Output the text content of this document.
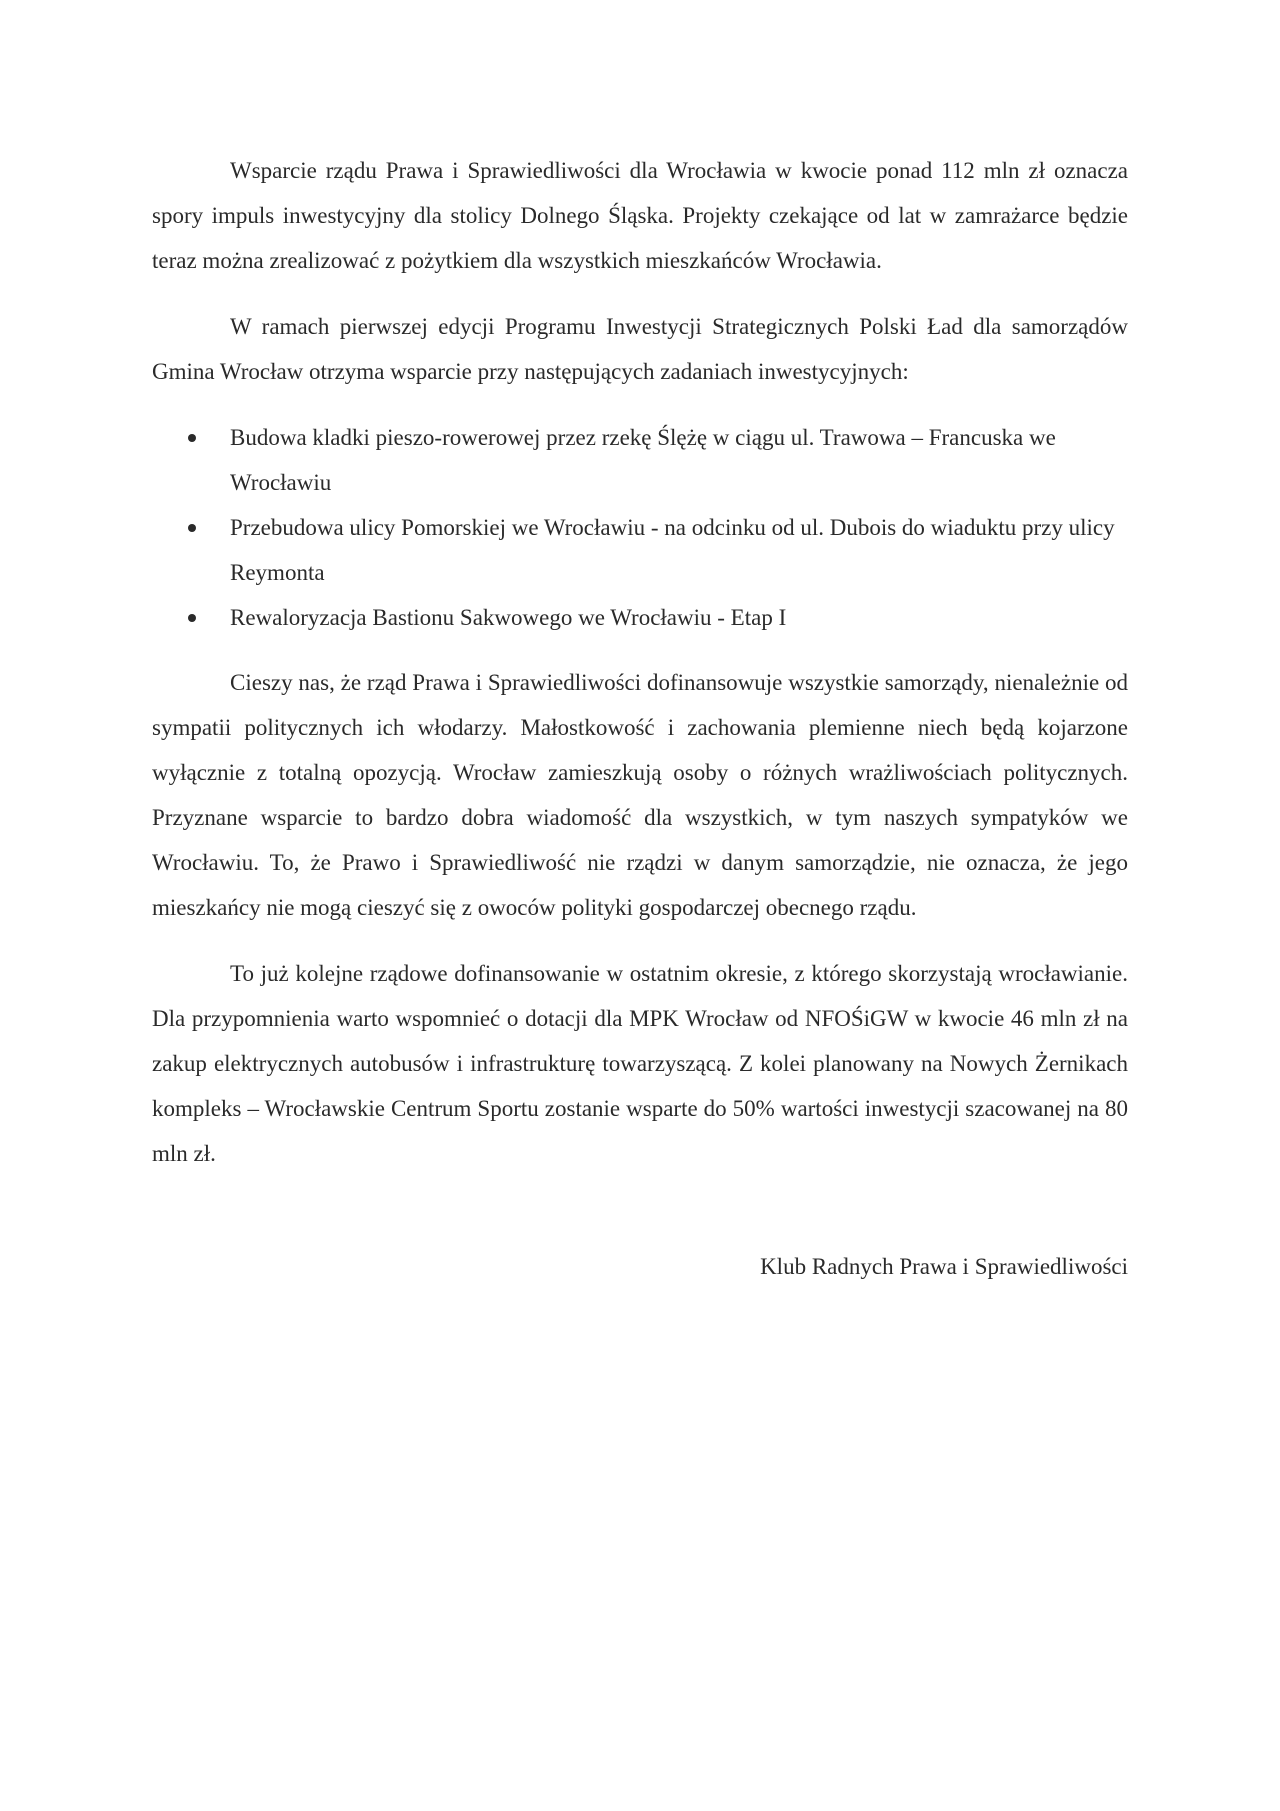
Wsparcie rządu Prawa i Sprawiedliwości dla Wrocławia w kwocie ponad 112 mln zł oznacza spory impuls inwestycyjny dla stolicy Dolnego Śląska. Projekty czekające od lat w zamrażarce będzie teraz można zrealizować z pożytkiem dla wszystkich mieszkańców Wrocławia.

W ramach pierwszej edycji Programu Inwestycji Strategicznych Polski Ład dla samorządów Gmina Wrocław otrzyma wsparcie przy następujących zadaniach inwestycyjnych:

Budowa kladki pieszo-rowerowej przez rzekę Ślężę w ciągu ul. Trawowa – Francuska we Wrocławiu
Przebudowa ulicy Pomorskiej we Wrocławiu - na odcinku od ul. Dubois do wiaduktu przy ulicy Reymonta
Rewaloryzacja Bastionu Sakwowego we Wrocławiu - Etap I

Cieszy nas, że rząd Prawa i Sprawiedliwości dofinansowuje wszystkie samorządy, nienależnie od sympatii politycznych ich włodarzy. Małostkowość i zachowania plemienne niech będą kojarzone wyłącznie z totalną opozycją. Wrocław zamieszkują osoby o różnych wrażliwościach politycznych. Przyznane wsparcie to bardzo dobra wiadomość dla wszystkich, w tym naszych sympatyków we Wrocławiu. To, że Prawo i Sprawiedliwość nie rządzi w danym samorządzie, nie oznacza, że jego mieszkańcy nie mogą cieszyć się z owoców polityki gospodarczej obecnego rządu.

To już kolejne rządowe dofinansowanie w ostatnim okresie, z którego skorzystają wrocławianie. Dla przypomnienia warto wspomnieć o dotacji dla MPK Wrocław od NFOŚiGW w kwocie 46 mln zł na zakup elektrycznych autobusów i infrastrukturę towarzyszącą. Z kolei planowany na Nowych Żernikach kompleks – Wrocławskie Centrum Sportu zostanie wsparte do 50% wartości inwestycji szacowanej na 80 mln zł.

Klub Radnych Prawa i Sprawiedliwości
